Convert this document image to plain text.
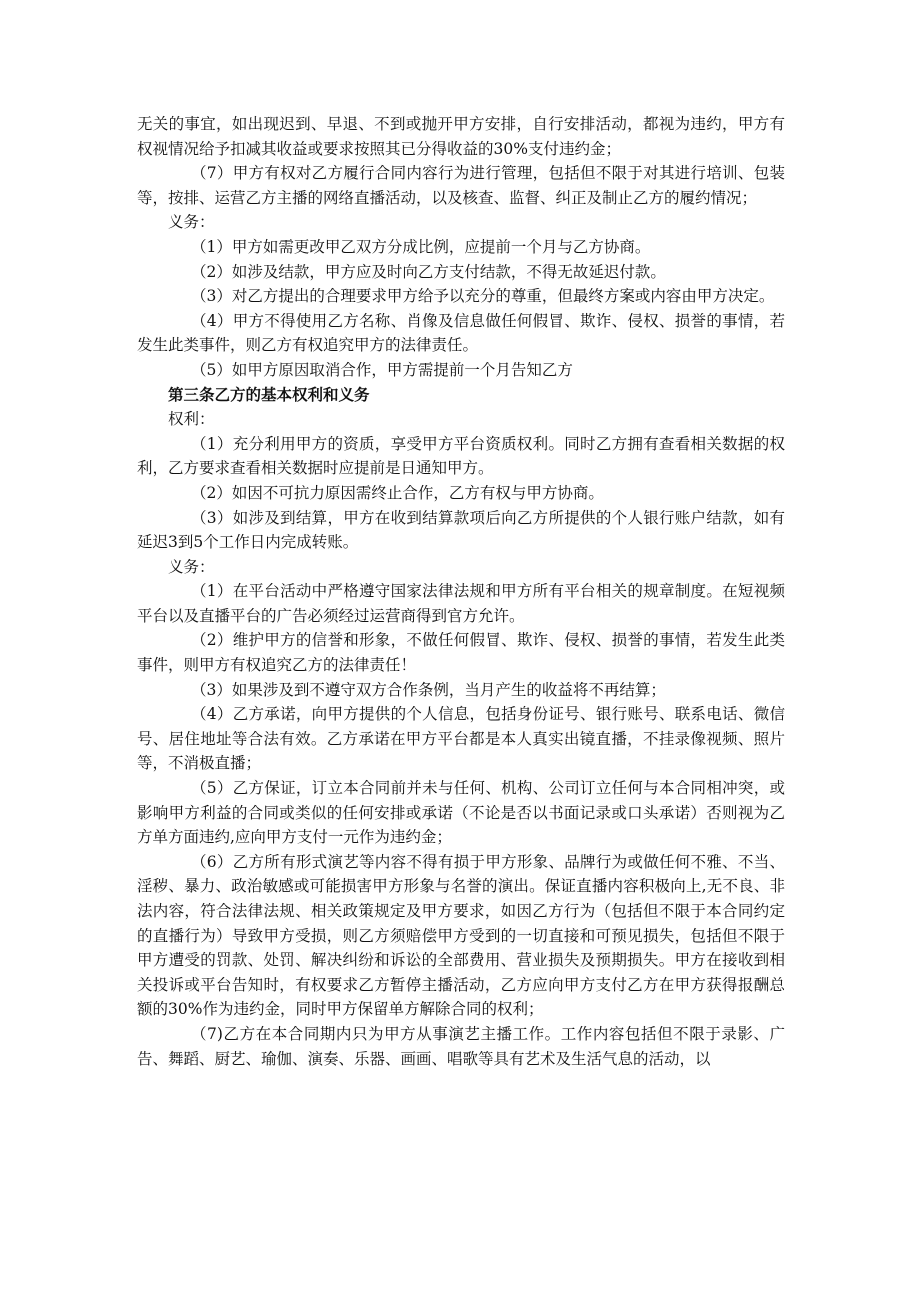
无关的事宜，如出现迟到、早退、不到或抛开甲方安排，自行安排活动，都视为违约，甲方有权视情况给予扣减其收益或要求按照其已分得收益的30%支付违约金；

（7）甲方有权对乙方履行合同内容行为进行管理，包括但不限于对其进行培训、包装等，按排、运营乙方主播的网络直播活动，以及核查、监督、纠正及制止乙方的履约情况；

义务：

（1）甲方如需更改甲乙双方分成比例，应提前一个月与乙方协商。

（2）如涉及结款，甲方应及时向乙方支付结款，不得无故延迟付款。

（3）对乙方提出的合理要求甲方给予以充分的尊重，但最终方案或内容由甲方决定。

（4）甲方不得使用乙方名称、肖像及信息做任何假冒、欺诈、侵权、损誉的事情，若发生此类事件，则乙方有权追究甲方的法律责任。

（5）如甲方原因取消合作，甲方需提前一个月告知乙方

第三条乙方的基本权利和义务

权利：

（1）充分利用甲方的资质，享受甲方平台资质权利。同时乙方拥有查看相关数据的权利，乙方要求查看相关数据时应提前是日通知甲方。

（2）如因不可抗力原因需终止合作，乙方有权与甲方协商。

（3）如涉及到结算，甲方在收到结算款项后向乙方所提供的个人银行账户结款，如有延迟3到5个工作日内完成转账。

义务：

（1）在平台活动中严格遵守国家法律法规和甲方所有平台相关的规章制度。在短视频平台以及直播平台的广告必须经过运营商得到官方允许。

（2）维护甲方的信誉和形象，不做任何假冒、欺诈、侵权、损誉的事情，若发生此类事件，则甲方有权追究乙方的法律责任！

（3）如果涉及到不遵守双方合作条例，当月产生的收益将不再结算；

（4）乙方承诺，向甲方提供的个人信息，包括身份证号、银行账号、联系电话、微信号、居住地址等合法有效。乙方承诺在甲方平台都是本人真实出镜直播，不挂录像视频、照片等，不消极直播；

（5）乙方保证，订立本合同前并未与任何、机构、公司订立任何与本合同相冲突，或影响甲方利益的合同或类似的任何安排或承诺（不论是否以书面记录或口头承诺）否则视为乙方单方面违约,应向甲方支付一元作为违约金；

（6）乙方所有形式演艺等内容不得有损于甲方形象、品牌行为或做任何不雅、不当、淫秽、暴力、政治敏感或可能损害甲方形象与名誉的演出。保证直播内容积极向上,无不良、非法内容，符合法律法规、相关政策规定及甲方要求，如因乙方行为（包括但不限于本合同约定的直播行为）导致甲方受损，则乙方须赔偿甲方受到的一切直接和可预见损失，包括但不限于甲方遭受的罚款、处罚、解决纠纷和诉讼的全部费用、营业损失及预期损失。甲方在接收到相关投诉或平台告知时，有权要求乙方暂停主播活动，乙方应向甲方支付乙方在甲方获得报酬总额的30%作为违约金，同时甲方保留单方解除合同的权利；

（7)乙方在本合同期内只为甲方从事演艺主播工作。工作内容包括但不限于录影、广告、舞蹈、厨艺、瑜伽、演奏、乐器、画画、唱歌等具有艺术及生活气息的活动，以
